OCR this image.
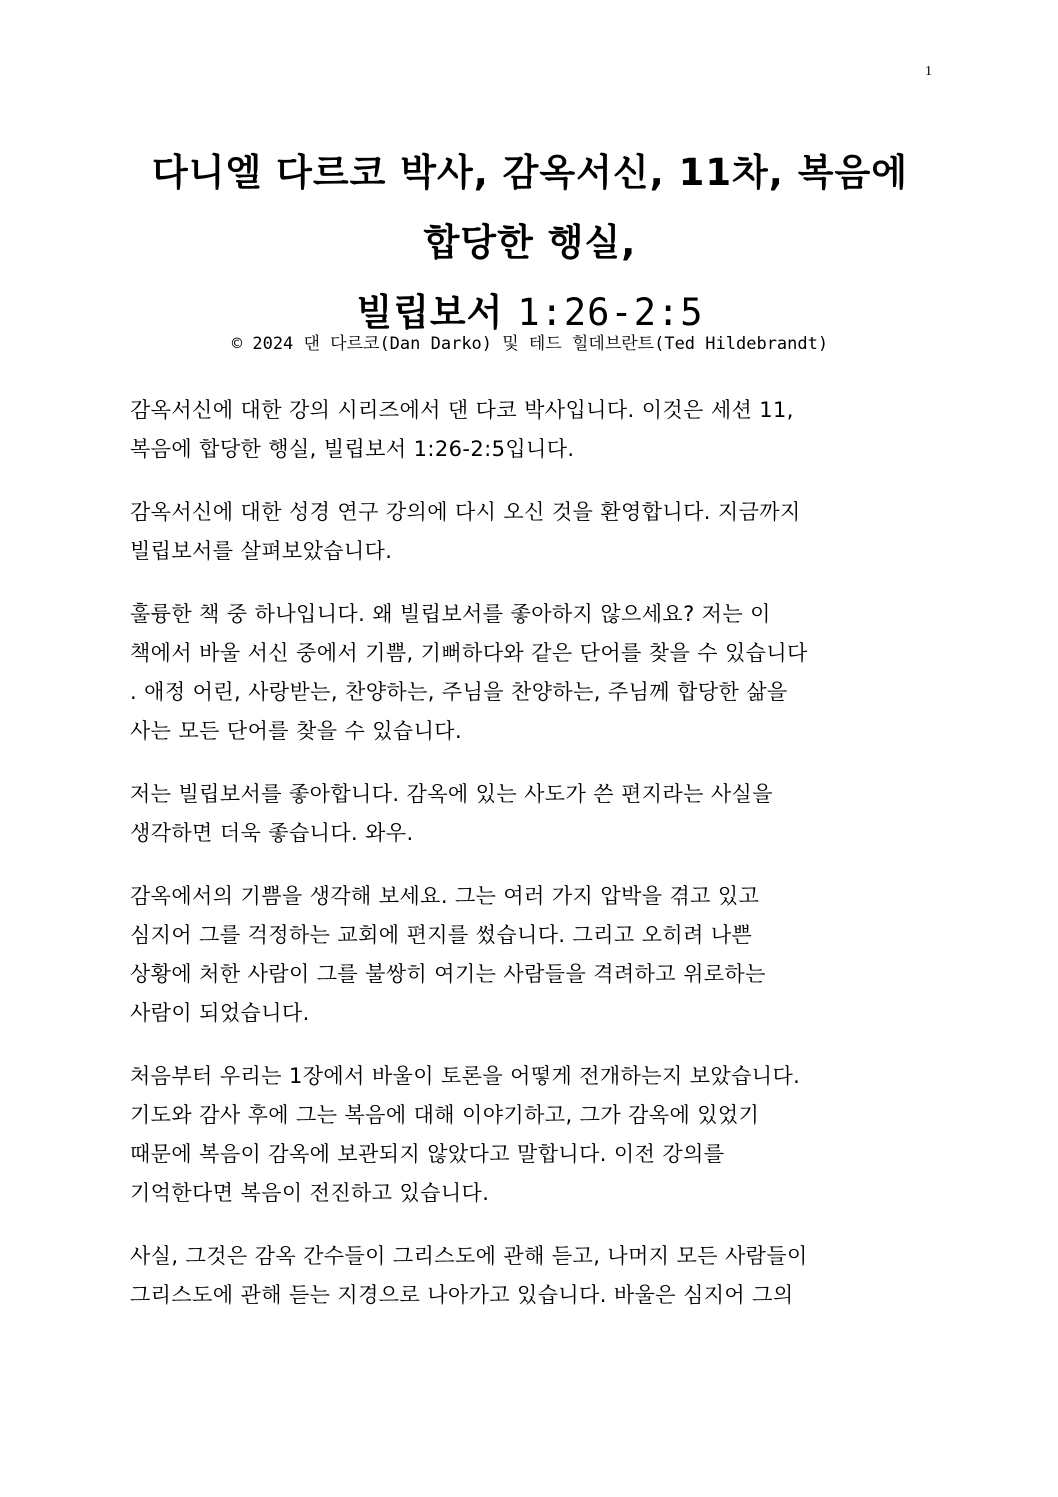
1
다니엘 다르코 박사, 감옥서신, 11차, 복음에
합당한 행실,
빌립보서 1:26-2:5
© 2024 댄 다르코(Dan Darko) 및 테드 힐데브란트(Ted Hildebrandt)
감옥서신에 대한 강의 시리즈에서 댄 다코 박사입니다. 이것은 세션 11,
복음에 합당한 행실, 빌립보서 1:26-2:5입니다.
감옥서신에 대한 성경 연구 강의에 다시 오신 것을 환영합니다. 지금까지
빌립보서를 살펴보았습니다.
훌륭한 책 중 하나입니다. 왜 빌립보서를 좋아하지 않으세요? 저는 이
책에서 바울 서신 중에서 기쁨, 기뻐하다와 같은 단어를 찾을 수 있습니다
. 애정 어린, 사랑받는, 찬양하는, 주님을 찬양하는, 주님께 합당한 삶을
사는 모든 단어를 찾을 수 있습니다.
저는 빌립보서를 좋아합니다. 감옥에 있는 사도가 쓴 편지라는 사실을
생각하면 더욱 좋습니다. 와우.
감옥에서의 기쁨을 생각해 보세요. 그는 여러 가지 압박을 겪고 있고
심지어 그를 걱정하는 교회에 편지를 썼습니다. 그리고 오히려 나쁜
상황에 처한 사람이 그를 불쌍히 여기는 사람들을 격려하고 위로하는
사람이 되었습니다.
처음부터 우리는 1장에서 바울이 토론을 어떻게 전개하는지 보았습니다.
기도와 감사 후에 그는 복음에 대해 이야기하고, 그가 감옥에 있었기
때문에 복음이 감옥에 보관되지 않았다고 말합니다. 이전 강의를
기억한다면 복음이 전진하고 있습니다.
사실, 그것은 감옥 간수들이 그리스도에 관해 듣고, 나머지 모든 사람들이
그리스도에 관해 듣는 지경으로 나아가고 있습니다. 바울은 심지어 그의
